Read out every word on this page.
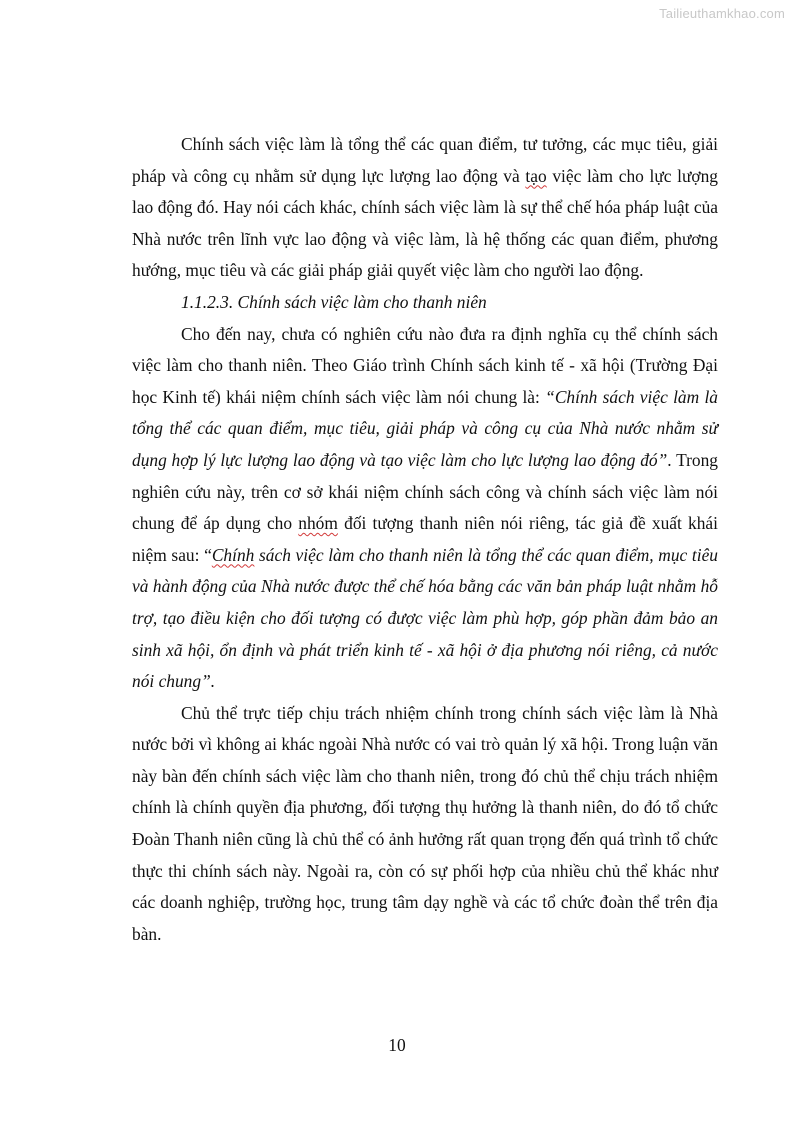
Tailieuthamkhao.com

Chính sách việc làm là tổng thể các quan điểm, tư tưởng, các mục tiêu, giải pháp và công cụ nhằm sử dụng lực lượng lao động và tạo việc làm cho lực lượng lao động đó. Hay nói cách khác, chính sách việc làm là sự thể chế hóa pháp luật của Nhà nước trên lĩnh vực lao động và việc làm, là hệ thống các quan điểm, phương hướng, mục tiêu và các giải pháp giải quyết việc làm cho người lao động.

1.1.2.3. Chính sách việc làm cho thanh niên

Cho đến nay, chưa có nghiên cứu nào đưa ra định nghĩa cụ thể chính sách việc làm cho thanh niên. Theo Giáo trình Chính sách kinh tế - xã hội (Trường Đại học Kinh tế) khái niệm chính sách việc làm nói chung là: “Chính sách việc làm là tổng thể các quan điểm, mục tiêu, giải pháp và công cụ của Nhà nước nhằm sử dụng hợp lý lực lượng lao động và tạo việc làm cho lực lượng lao động đó”. Trong nghiên cứu này, trên cơ sở khái niệm chính sách công và chính sách việc làm nói chung để áp dụng cho nhóm đối tượng thanh niên nói riêng, tác giả đề xuất khái niệm sau: “Chính sách việc làm cho thanh niên là tổng thể các quan điểm, mục tiêu và hành động của Nhà nước được thể chế hóa bằng các văn bản pháp luật nhằm hỗ trợ, tạo điều kiện cho đối tượng có được việc làm phù hợp, góp phần đảm bảo an sinh xã hội, ổn định và phát triển kinh tế - xã hội ở địa phương nói riêng, cả nước nói chung”.

Chủ thể trực tiếp chịu trách nhiệm chính trong chính sách việc làm là Nhà nước bởi vì không ai khác ngoài Nhà nước có vai trò quản lý xã hội. Trong luận văn này bàn đến chính sách việc làm cho thanh niên, trong đó chủ thể chịu trách nhiệm chính là chính quyền địa phương, đối tượng thụ hưởng là thanh niên, do đó tổ chức Đoàn Thanh niên cũng là chủ thể có ảnh hưởng rất quan trọng đến quá trình tổ chức thực thi chính sách này. Ngoài ra, còn có sự phối hợp của nhiều chủ thể khác như các doanh nghiệp, trường học, trung tâm dạy nghề và các tổ chức đoàn thể trên địa bàn.

10
